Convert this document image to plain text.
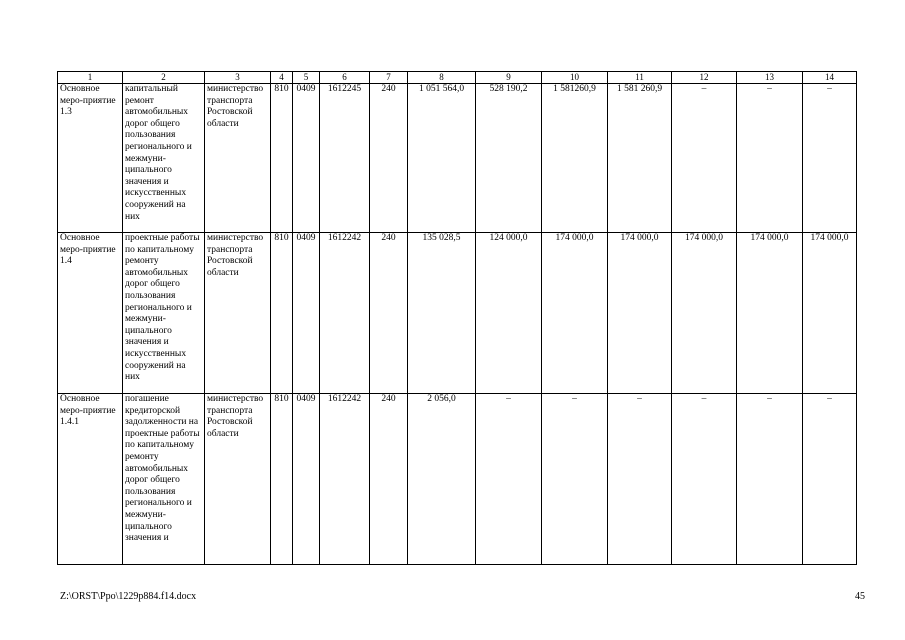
1	2	3	4	5	6	7	8	9	10	11	12	13	14
Основное меро-приятие 1.3	капитальный ремонт автомобильных дорог общего пользования регионального и межмуни-ципального значения и искусственных сооружений на них	министерство транспорта Ростовской области	810	0409	1612245	240	1 051 564,0	528 190,2	1 581260,9	1 581 260,9	–	–	–
Основное меро-приятие 1.4	проектные работы по капитальному ремонту автомобильных дорог общего пользования регионального и межмуни-ципального значения и искусственных сооружений на них	министерство транспорта Ростовской области	810	0409	1612242	240	135 028,5	124 000,0	174 000,0	174 000,0	174 000,0	174 000,0	174 000,0
Основное меро-приятие 1.4.1	погашение кредиторской задолженности на проектные работы по капитальному ремонту автомобильных дорог общего пользования регионального и межмуни-ципального значения и	министерство транспорта Ростовской области	810	0409	1612242	240	2 056,0	–	–	–	–	–	–
Z:\ORST\Ppo\1229p884.f14.docx	45
